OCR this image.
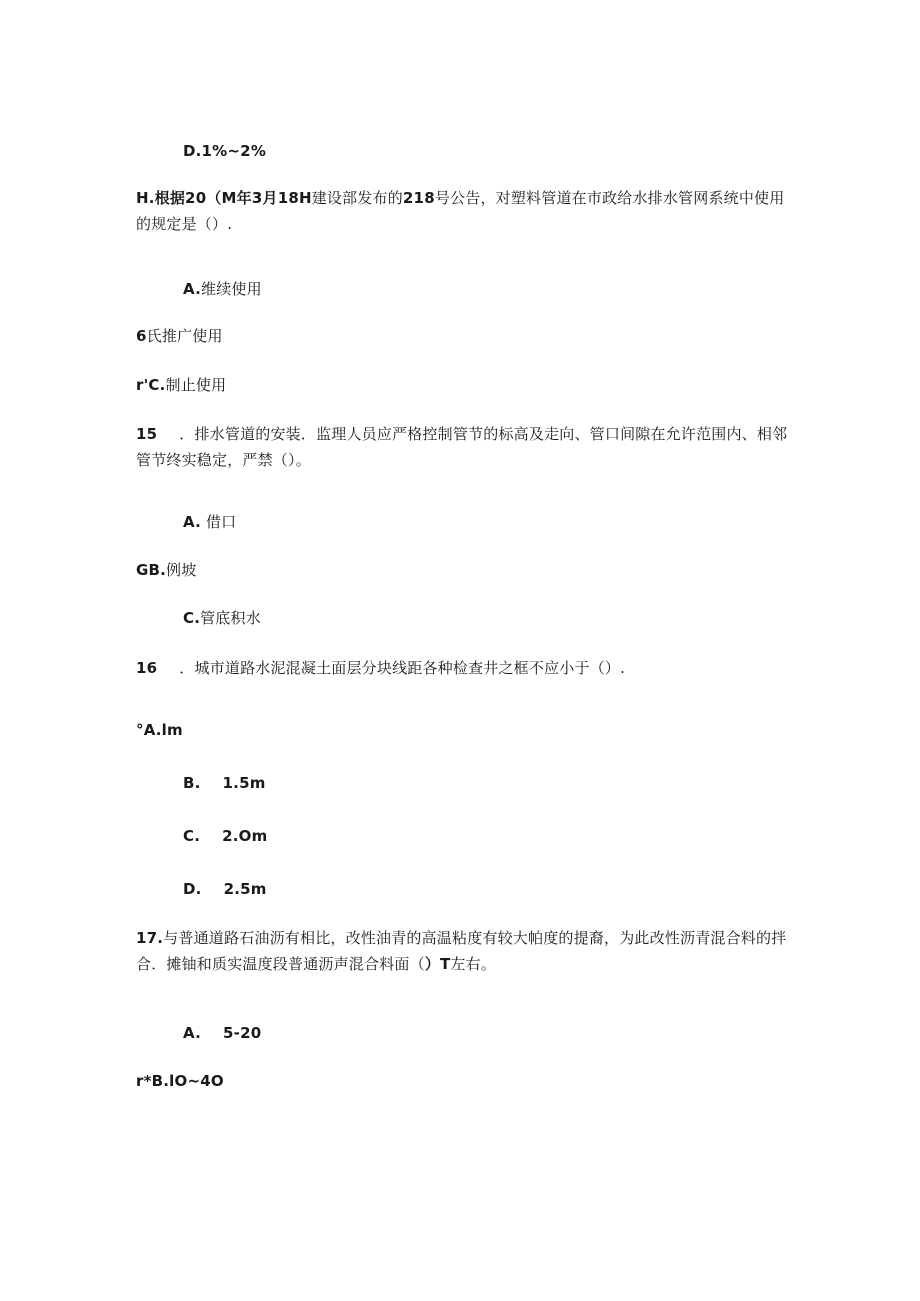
D.1%~2%
H.根据20（M年3月18H建设部发布的218号公告，对塑料管道在市政给水排水管网系统中使用的规定是（）.
A.维续使用
6氏推广使用
r'C.制止使用
15 ．排水管道的安装．监理人员应严格控制管节的标高及走向、管口间隙在允许范围内、相邻管节终实稳定，严禁（）。
A. 借口
GB.例坡
C.管底积水
16 ．城市道路水泥混凝土面层分块线距各种检查井之框不应小于（）.
°A.lm
B. 1.5m
C. 2.Om
D. 2.5m
17.与普通道路石油沥有相比，改性油青的高温粘度有较大帕度的提裔，为此改性沥青混合料的拌合．摊铀和质实温度段普通沥声混合料面（）T左右。
A. 5-20
r*B.lO~4O
